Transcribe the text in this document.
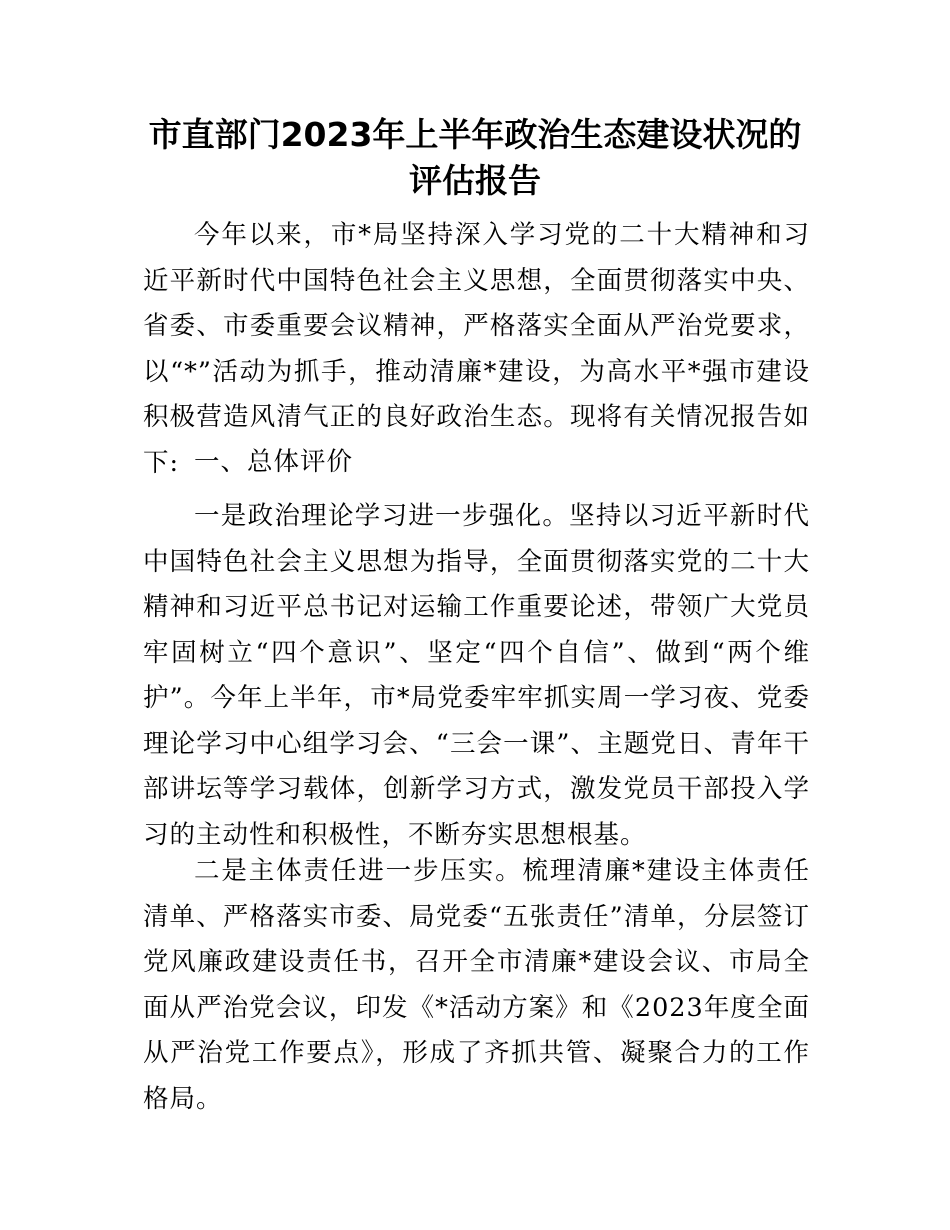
市直部门2023年上半年政治生态建设状况的评估报告

今年以来，市*局坚持深入学习党的二十大精神和习近平新时代中国特色社会主义思想，全面贯彻落实中央、省委、市委重要会议精神，严格落实全面从严治党要求，以“*”活动为抓手，推动清廉*建设，为高水平*强市建设积极营造风清气正的良好政治生态。现将有关情况报告如下: 一、总体评价

一是政治理论学习进一步强化。坚持以习近平新时代中国特色社会主义思想为指导，全面贯彻落实党的二十大精神和习近平总书记对运输工作重要论述，带领广大党员牢固树立“四个意识”、坚定“四个自信”、做到“两个维护”。今年上半年，市*局党委牢牢抓实周一学习夜、党委理论学习中心组学习会、“三会一课”、主题党日、青年干部讲坛等学习载体，创新学习方式，激发党员干部投入学习的主动性和积极性，不断夯实思想根基。

二是主体责任进一步压实。梳理清廉*建设主体责任清单、严格落实市委、局党委“五张责任”清单，分层签订党风廉政建设责任书，召开全市清廉*建设会议、市局全面从严治党会议，印发《*活动方案》和《2023年度全面从严治党工作要点》，形成了齐抓共管、凝聚合力的工作格局。
